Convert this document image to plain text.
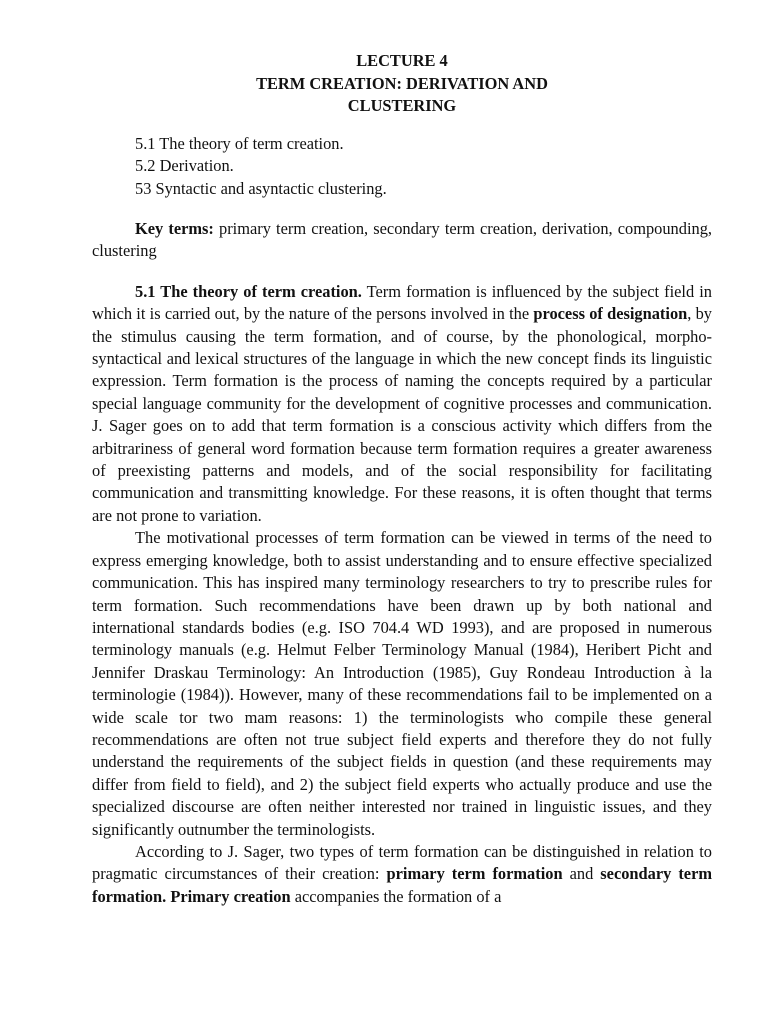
LECTURE 4

TERM CREATION: DERIVATION AND

CLUSTERING

5.1 The theory of term creation.
5.2 Derivation.
53 Syntactic and asyntactic clustering.

Key terms: primary term creation, secondary term creation, derivation, compounding, clustering

5.1 The theory of term creation. Term formation is influenced by the subject field in which it is carried out, by the nature of the persons involved in the process of designation, by the stimulus causing the term formation, and of course, by the phonological, morpho-syntactical and lexical structures of the language in which the new concept finds its linguistic expression. Term formation is the process of naming the concepts required by a particular special language community for the development of cognitive processes and communication. J. Sager goes on to add that term formation is a conscious activity which differs from the arbitrariness of general word formation because term formation requires a greater awareness of preexisting patterns and models, and of the social responsibility for facilitating communication and transmitting knowledge. For these reasons, it is often thought that terms are not prone to variation.

The motivational processes of term formation can be viewed in terms of the need to express emerging knowledge, both to assist understanding and to ensure effective specialized communication. This has inspired many terminology researchers to try to prescribe rules for term formation. Such recommendations have been drawn up by both national and international standards bodies (e.g. ISO 704.4 WD 1993), and are proposed in numerous terminology manuals (e.g. Helmut Felber Terminology Manual (1984), Heribert Picht and Jennifer Draskau Terminology: An Introduction (1985), Guy Rondeau Introduction à la terminologie (1984)). However, many of these recommendations fail to be implemented on a wide scale tor two mam reasons: 1) the terminologists who compile these general recommendations are often not true subject field experts and therefore they do not fully understand the requirements of the subject fields in question (and these requirements may differ from field to field), and 2) the subject field experts who actually produce and use the specialized discourse are often neither interested nor trained in linguistic issues, and they significantly outnumber the terminologists.

According to J. Sager, two types of term formation can be distinguished in relation to pragmatic circumstances of their creation: primary term formation and secondary term formation. Primary creation accompanies the formation of a
